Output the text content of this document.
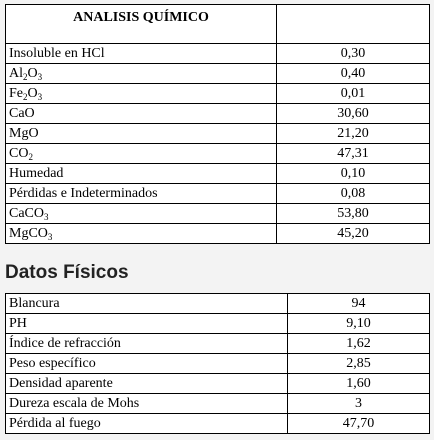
ANALISIS QUÍMICO	
Insoluble en HCl	0,30
$Al_2O_3$	0,40
$Fe_2O_3$	0,01
CaO	30,60
MgO	21,20
$CO_2$	47,31
Humedad	0,10
Pérdidas e Indeterminados	0,08
CaCO$_3$	53,80
MgCO$_3$	45,20
Datos Físicos
Blancura	94
PH	9,10
Índice de refracción	1,62
Peso específico	2,85
Densidad aparente	1,60
Dureza escala de Mohs	3
Pérdida al fuego	47,70
